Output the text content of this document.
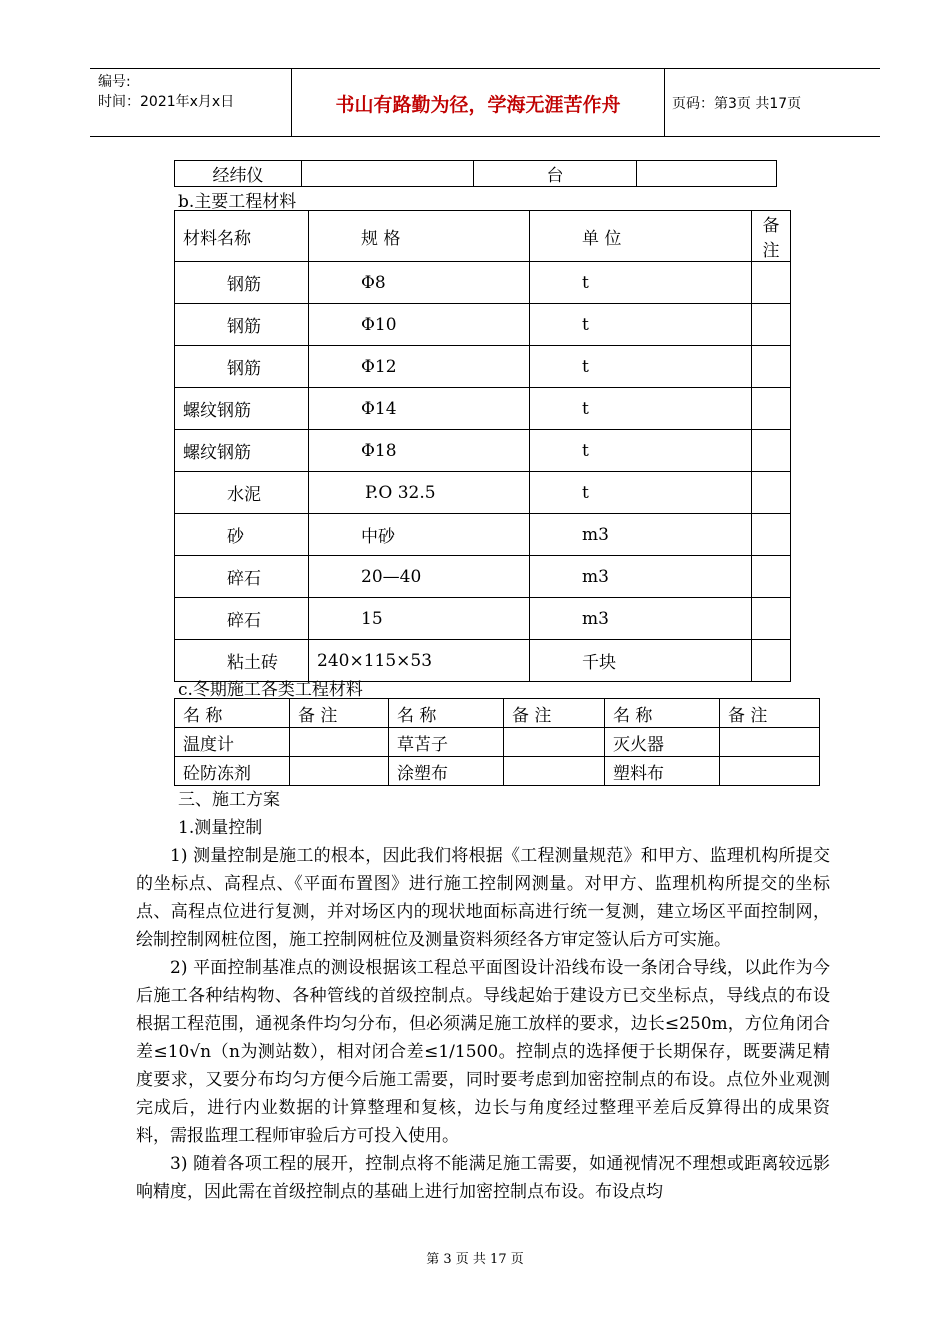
编号:
时间：2021年x月x日	书山有路勤为径，学海无涯苦作舟	页码：第3页 共17页
经纬仪		台	
b.主要工程材料
材料名称	规 格	单 位	备 注
钢筋	Φ8	t	
钢筋	Φ10	t	
钢筋	Φ12	t	
螺纹钢筋	Φ14	t	
螺纹钢筋	Φ18	t	
水泥	P.O 32.5	t	
砂	中砂	m3	
碎石	20—40	m3	
碎石	15	m3	
粘土砖	240×115×53	千块	
c.冬期施工各类工程材料
名 称	备 注	名 称	备 注	名 称	备 注
温度计		草苫子		灭火器	
砼防冻剂		涂塑布		塑料布	

三、施工方案

1.测量控制

1) 测量控制是施工的根本，因此我们将根据《工程测量规范》和甲方、监理机构所提交的坐标点、高程点、《平面布置图》进行施工控制网测量。对甲方、监理机构所提交的坐标点、高程点位进行复测，并对场区内的现状地面标高进行统一复测，建立场区平面控制网，绘制控制网桩位图，施工控制网桩位及测量资料须经各方审定签认后方可实施。

2) 平面控制基准点的测设根据该工程总平面图设计沿线布设一条闭合导线，以此作为今后施工各种结构物、各种管线的首级控制点。导线起始于建设方已交坐标点，导线点的布设根据工程范围，通视条件均匀分布，但必须满足施工放样的要求，边长≤250m，方位角闭合差≤10√n（n为测站数），相对闭合差≤1/1500。控制点的选择便于长期保存，既要满足精度要求，又要分布均匀方便今后施工需要，同时要考虑到加密控制点的布设。点位外业观测完成后，进行内业数据的计算整理和复核，边长与角度经过整理平差后反算得出的成果资料，需报监理工程师审验后方可投入使用。

3) 随着各项工程的展开，控制点将不能满足施工需要，如通视情况不理想或距离较远影响精度，因此需在首级控制点的基础上进行加密控制点布设。布设点均

第 3 页 共 17 页
